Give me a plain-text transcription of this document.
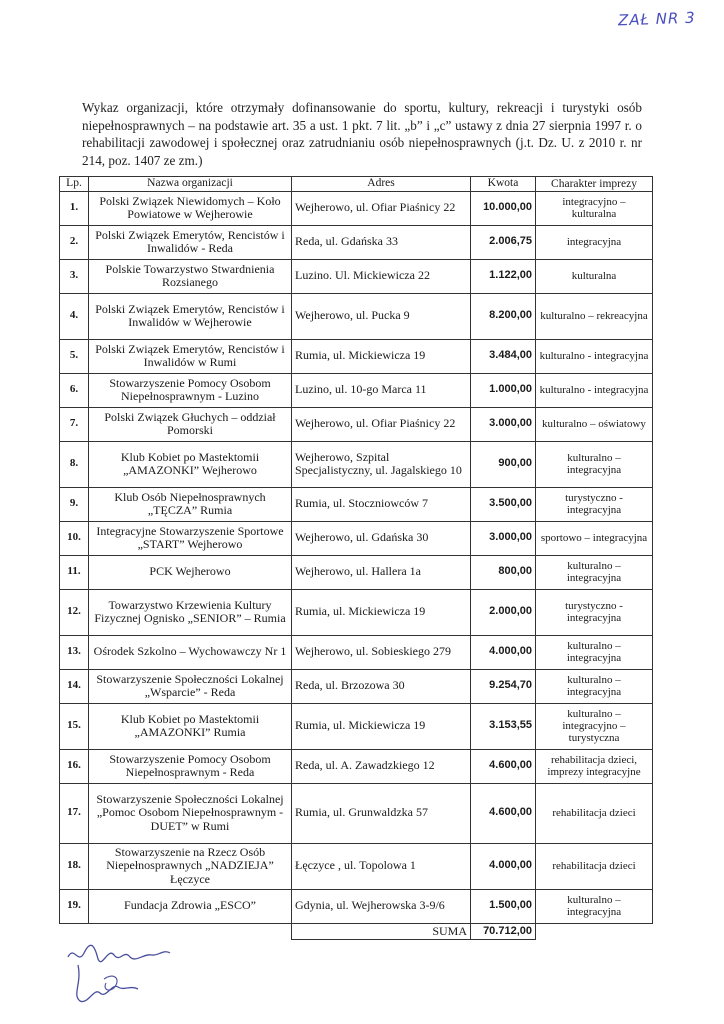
ZAŁ NR 3

Wykaz organizacji, które otrzymały dofinansowanie do sportu, kultury, rekreacji i turystyki osób niepełnosprawnych – na podstawie art. 35 a ust. 1 pkt. 7 lit. „b” i „c” ustawy z dnia 27 sierpnia 1997 r. o rehabilitacji zawodowej i społecznej oraz zatrudnianiu osób niepełnosprawnych (j.t. Dz. U. z 2010 r. nr 214, poz. 1407 ze zm.)

Lp.	Nazwa organizacji	Adres	Kwota	Charakter imprezy
1.	Polski Związek Niewidomych – Koło Powiatowe w Wejherowie	Wejherowo, ul. Ofiar Piaśnicy 22	10.000,00	integracyjno – kulturalna
2.	Polski Związek Emerytów, Rencistów i Inwalidów - Reda	Reda, ul. Gdańska 33	2.006,75	integracyjna
3.	Polskie Towarzystwo Stwardnienia Rozsianego	Luzino. Ul. Mickiewicza 22	1.122,00	kulturalna
4.	Polski Związek Emerytów, Rencistów i Inwalidów w Wejherowie	Wejherowo, ul. Pucka 9	8.200,00	kulturalno – rekreacyjna
5.	Polski Związek Emerytów, Rencistów i Inwalidów w Rumi	Rumia, ul. Mickiewicza 19	3.484,00	kulturalno - integracyjna
6.	Stowarzyszenie Pomocy Osobom Niepełnosprawnym - Luzino	Luzino, ul. 10-go Marca 11	1.000,00	kulturalno - integracyjna
7.	Polski Związek Głuchych – oddział Pomorski	Wejherowo, ul. Ofiar Piaśnicy 22	3.000,00	kulturalno – oświatowy
8.	Klub Kobiet po Mastektomii „AMAZONKI” Wejherowo	Wejherowo, Szpital Specjalistyczny, ul. Jagalskiego 10	900,00	kulturalno – integracyjna
9.	Klub Osób Niepełnosprawnych „TĘCZA” Rumia	Rumia, ul. Stoczniowców 7	3.500,00	turystyczno - integracyjna
10.	Integracyjne Stowarzyszenie Sportowe „START” Wejherowo	Wejherowo, ul. Gdańska 30	3.000,00	sportowo – integracyjna
11.	PCK Wejherowo	Wejherowo, ul. Hallera 1a	800,00	kulturalno – integracyjna
12.	Towarzystwo Krzewienia Kultury Fizycznej Ognisko „SENIOR” – Rumia	Rumia, ul. Mickiewicza 19	2.000,00	turystyczno - integracyjna
13.	Ośrodek Szkolno – Wychowawczy Nr 1	Wejherowo, ul. Sobieskiego 279	4.000,00	kulturalno – integracyjna
14.	Stowarzyszenie Społeczności Lokalnej „Wsparcie” - Reda	Reda, ul. Brzozowa 30	9.254,70	kulturalno – integracyjna
15.	Klub Kobiet po Mastektomii „AMAZONKI” Rumia	Rumia, ul. Mickiewicza 19	3.153,55	kulturalno – integracyjno – turystyczna
16.	Stowarzyszenie Pomocy Osobom Niepełnosprawnym - Reda	Reda, ul. A. Zawadzkiego 12	4.600,00	rehabilitacja dzieci, imprezy integracyjne
17.	Stowarzyszenie Społeczności Lokalnej „Pomoc Osobom Niepełnosprawnym - DUET” w Rumi	Rumia, ul. Grunwaldzka 57	4.600,00	rehabilitacja dzieci
18.	Stowarzyszenie na Rzecz Osób Niepełnosprawnych „NADZIEJA” Łęczyce	Łęczyce , ul. Topolowa 1	4.000,00	rehabilitacja dzieci
19.	Fundacja Zdrowia „ESCO”	Gdynia, ul. Wejherowska 3-9/6	1.500,00	kulturalno – integracyjna
		SUMA	70.712,00	
